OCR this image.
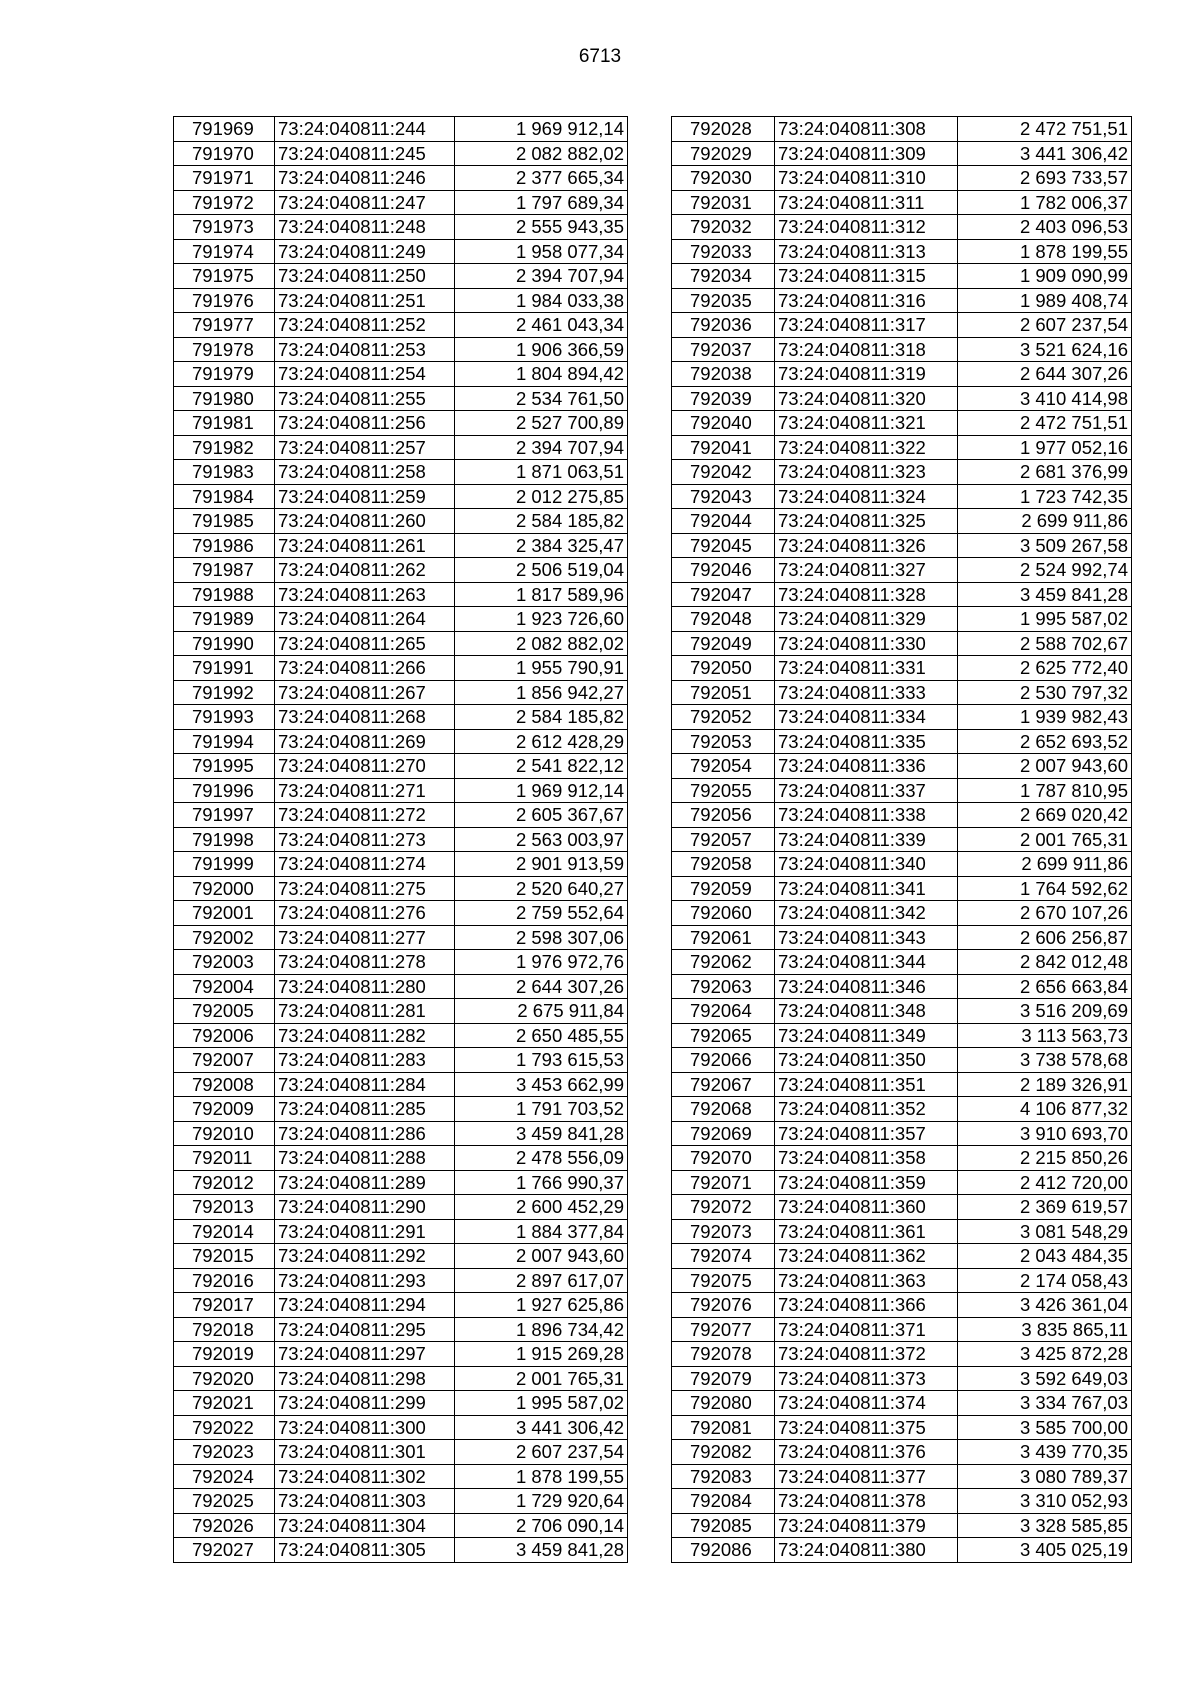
6713
791969	73:24:040811:244	1 969 912,14
791970	73:24:040811:245	2 082 882,02
791971	73:24:040811:246	2 377 665,34
791972	73:24:040811:247	1 797 689,34
791973	73:24:040811:248	2 555 943,35
791974	73:24:040811:249	1 958 077,34
791975	73:24:040811:250	2 394 707,94
791976	73:24:040811:251	1 984 033,38
791977	73:24:040811:252	2 461 043,34
791978	73:24:040811:253	1 906 366,59
791979	73:24:040811:254	1 804 894,42
791980	73:24:040811:255	2 534 761,50
791981	73:24:040811:256	2 527 700,89
791982	73:24:040811:257	2 394 707,94
791983	73:24:040811:258	1 871 063,51
791984	73:24:040811:259	2 012 275,85
791985	73:24:040811:260	2 584 185,82
791986	73:24:040811:261	2 384 325,47
791987	73:24:040811:262	2 506 519,04
791988	73:24:040811:263	1 817 589,96
791989	73:24:040811:264	1 923 726,60
791990	73:24:040811:265	2 082 882,02
791991	73:24:040811:266	1 955 790,91
791992	73:24:040811:267	1 856 942,27
791993	73:24:040811:268	2 584 185,82
791994	73:24:040811:269	2 612 428,29
791995	73:24:040811:270	2 541 822,12
791996	73:24:040811:271	1 969 912,14
791997	73:24:040811:272	2 605 367,67
791998	73:24:040811:273	2 563 003,97
791999	73:24:040811:274	2 901 913,59
792000	73:24:040811:275	2 520 640,27
792001	73:24:040811:276	2 759 552,64
792002	73:24:040811:277	2 598 307,06
792003	73:24:040811:278	1 976 972,76
792004	73:24:040811:280	2 644 307,26
792005	73:24:040811:281	2 675 911,84
792006	73:24:040811:282	2 650 485,55
792007	73:24:040811:283	1 793 615,53
792008	73:24:040811:284	3 453 662,99
792009	73:24:040811:285	1 791 703,52
792010	73:24:040811:286	3 459 841,28
792011	73:24:040811:288	2 478 556,09
792012	73:24:040811:289	1 766 990,37
792013	73:24:040811:290	2 600 452,29
792014	73:24:040811:291	1 884 377,84
792015	73:24:040811:292	2 007 943,60
792016	73:24:040811:293	2 897 617,07
792017	73:24:040811:294	1 927 625,86
792018	73:24:040811:295	1 896 734,42
792019	73:24:040811:297	1 915 269,28
792020	73:24:040811:298	2 001 765,31
792021	73:24:040811:299	1 995 587,02
792022	73:24:040811:300	3 441 306,42
792023	73:24:040811:301	2 607 237,54
792024	73:24:040811:302	1 878 199,55
792025	73:24:040811:303	1 729 920,64
792026	73:24:040811:304	2 706 090,14
792027	73:24:040811:305	3 459 841,28
792028	73:24:040811:308	2 472 751,51
792029	73:24:040811:309	3 441 306,42
792030	73:24:040811:310	2 693 733,57
792031	73:24:040811:311	1 782 006,37
792032	73:24:040811:312	2 403 096,53
792033	73:24:040811:313	1 878 199,55
792034	73:24:040811:315	1 909 090,99
792035	73:24:040811:316	1 989 408,74
792036	73:24:040811:317	2 607 237,54
792037	73:24:040811:318	3 521 624,16
792038	73:24:040811:319	2 644 307,26
792039	73:24:040811:320	3 410 414,98
792040	73:24:040811:321	2 472 751,51
792041	73:24:040811:322	1 977 052,16
792042	73:24:040811:323	2 681 376,99
792043	73:24:040811:324	1 723 742,35
792044	73:24:040811:325	2 699 911,86
792045	73:24:040811:326	3 509 267,58
792046	73:24:040811:327	2 524 992,74
792047	73:24:040811:328	3 459 841,28
792048	73:24:040811:329	1 995 587,02
792049	73:24:040811:330	2 588 702,67
792050	73:24:040811:331	2 625 772,40
792051	73:24:040811:333	2 530 797,32
792052	73:24:040811:334	1 939 982,43
792053	73:24:040811:335	2 652 693,52
792054	73:24:040811:336	2 007 943,60
792055	73:24:040811:337	1 787 810,95
792056	73:24:040811:338	2 669 020,42
792057	73:24:040811:339	2 001 765,31
792058	73:24:040811:340	2 699 911,86
792059	73:24:040811:341	1 764 592,62
792060	73:24:040811:342	2 670 107,26
792061	73:24:040811:343	2 606 256,87
792062	73:24:040811:344	2 842 012,48
792063	73:24:040811:346	2 656 663,84
792064	73:24:040811:348	3 516 209,69
792065	73:24:040811:349	3 113 563,73
792066	73:24:040811:350	3 738 578,68
792067	73:24:040811:351	2 189 326,91
792068	73:24:040811:352	4 106 877,32
792069	73:24:040811:357	3 910 693,70
792070	73:24:040811:358	2 215 850,26
792071	73:24:040811:359	2 412 720,00
792072	73:24:040811:360	2 369 619,57
792073	73:24:040811:361	3 081 548,29
792074	73:24:040811:362	2 043 484,35
792075	73:24:040811:363	2 174 058,43
792076	73:24:040811:366	3 426 361,04
792077	73:24:040811:371	3 835 865,11
792078	73:24:040811:372	3 425 872,28
792079	73:24:040811:373	3 592 649,03
792080	73:24:040811:374	3 334 767,03
792081	73:24:040811:375	3 585 700,00
792082	73:24:040811:376	3 439 770,35
792083	73:24:040811:377	3 080 789,37
792084	73:24:040811:378	3 310 052,93
792085	73:24:040811:379	3 328 585,85
792086	73:24:040811:380	3 405 025,19
